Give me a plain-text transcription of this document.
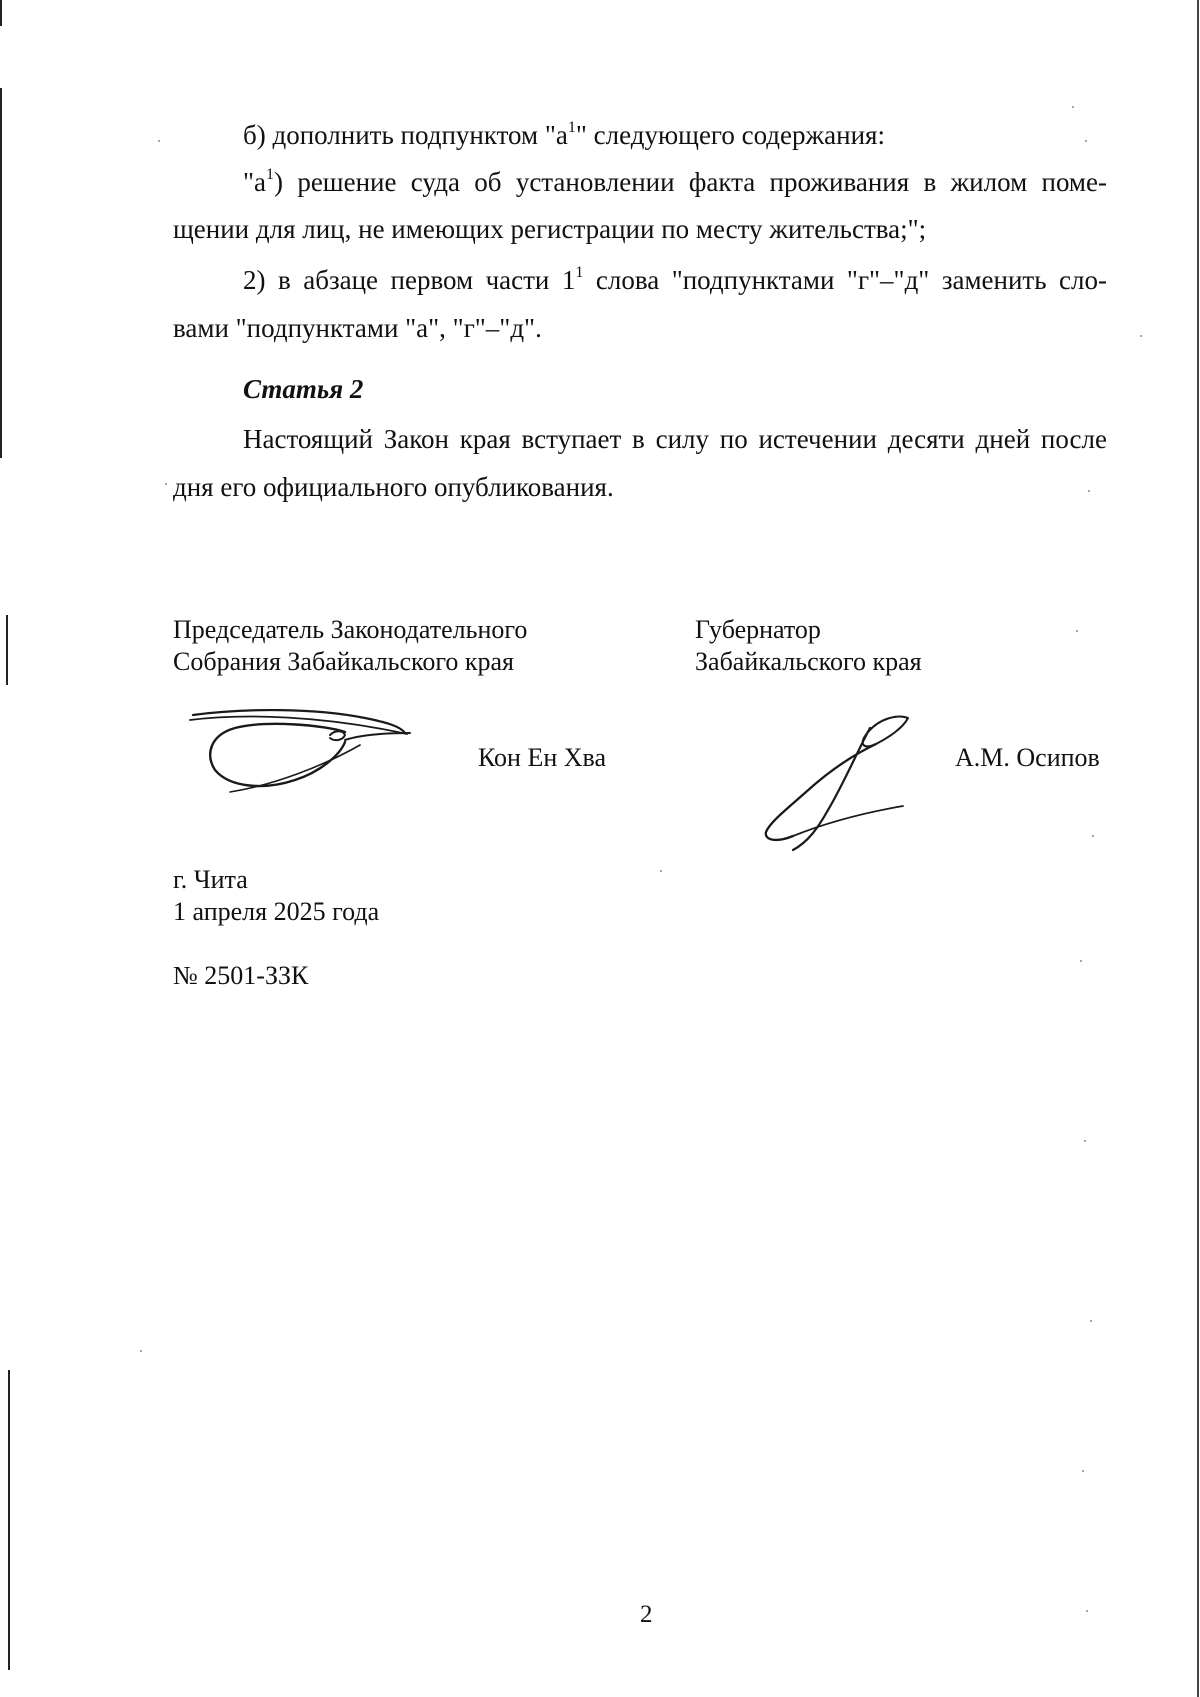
б) дополнить подпунктом "$а^1$" следующего содержания:
"$а^1$) решение суда об установлении факта проживания в жилом поме-
щении для лиц, не имеющих регистрации по месту жительства;";
2) в абзаце первом части $1^1$ слова "подпунктами "г"–"д" заменить сло-
вами "подпунктами "а", "г"–"д".
Статья 2
Настоящий Закон края вступает в силу по истечении десяти дней после
дня его официального опубликования.
Председатель Законодательного
Собрания Забайкальского края
Губернатор
Забайкальского края
Кон Ен Хва	А.М. Осипов
г. Чита
1 апреля 2025 года
№ 2501-ЗЗК
2
